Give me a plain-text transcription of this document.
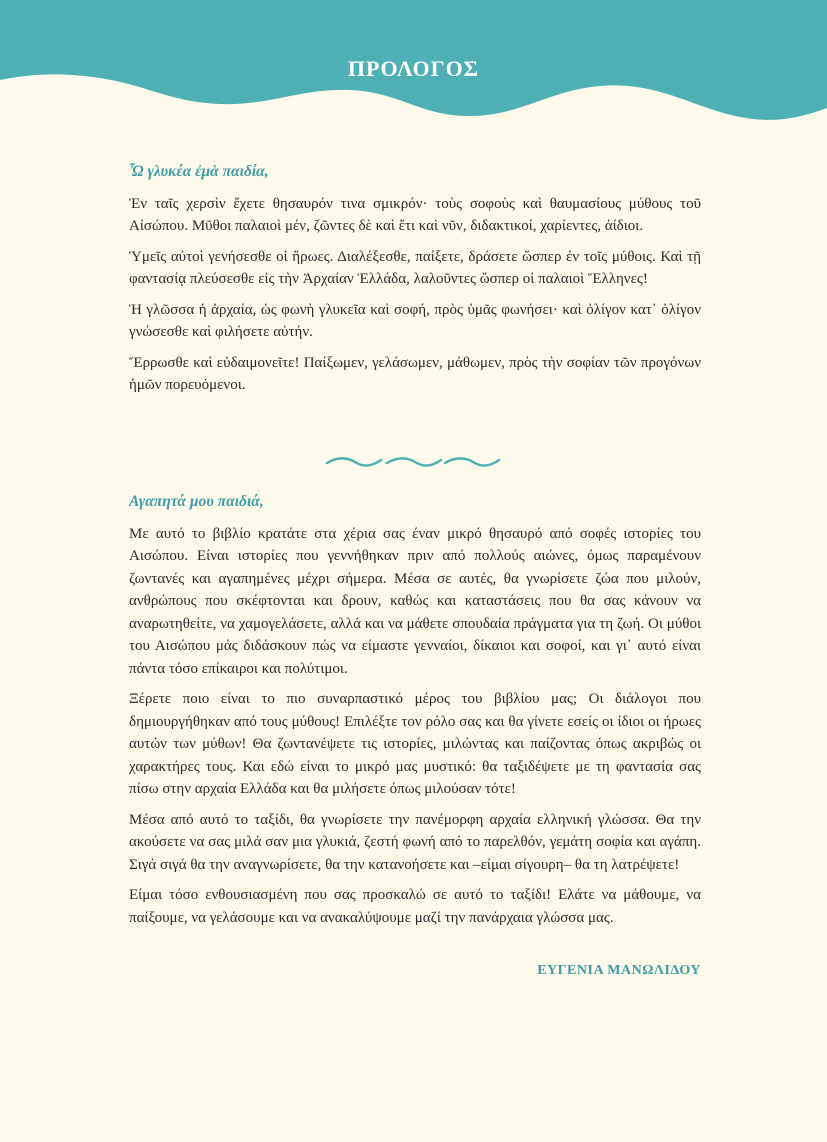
ΠΡΟΛΟΓΟΣ
Ὦ γλυκέα ἐμὰ παιδία,

Ἐν ταῖς χερσὶν ἔχετε θησαυρόν τινα σμικρόν· τοὺς σοφοὺς καὶ θαυμασίους μύθους τοῦ Αἰσώπου. Μῦθοι παλαιοὶ μέν, ζῶντες δὲ καὶ ἔτι καὶ νῦν, διδακτικοί, χαρίεντες, ἀίδιοι.

Ὑμεῖς αὐτοὶ γενήσεσθε οἱ ἥρωες. Διαλέξεσθε, παίξετε, δράσετε ὥσπερ ἐν τοῖς μύθοις. Καὶ τῇ φαντασίᾳ πλεύσεσθε εἰς τὴν Ἀρχαίαν Ἑλλάδα, λαλοῦντες ὥσπερ οἱ παλαιοὶ Ἕλληνες!

Ἡ γλῶσσα ἡ ἀρχαία, ὡς φωνὴ γλυκεῖα καὶ σοφή, πρὸς ὑμᾶς φωνήσει· καὶ ὀλίγον κατ᾽ ὀλίγον γνώσεσθε καὶ φιλήσετε αὐτήν.

Ἔρρωσθε καὶ εὐδαιμονεῖτε! Παίξωμεν, γελάσωμεν, μάθωμεν, πρὸς τὴν σοφίαν τῶν προγόνων ἡμῶν πορευόμενοι.

Αγαπητά μου παιδιά,

Με αυτό το βιβλίο κρατάτε στα χέρια σας έναν μικρό θησαυρό από σοφές ιστορίες του Αισώπου. Είναι ιστορίες που γεννήθηκαν πριν από πολλούς αιώνες, όμως παραμένουν ζωντανές και αγαπημένες μέχρι σήμερα. Μέσα σε αυτές, θα γνωρίσετε ζώα που μιλούν, ανθρώπους που σκέφτονται και δρουν, καθώς και καταστάσεις που θα σας κάνουν να αναρωτηθείτε, να χαμογελάσετε, αλλά και να μάθετε σπουδαία πράγματα για τη ζωή. Οι μύθοι του Αισώπου μάς διδάσκουν πώς να είμαστε γενναίοι, δίκαιοι και σοφοί, και γι᾽ αυτό είναι πάντα τόσο επίκαιροι και πολύτιμοι.

Ξέρετε ποιο είναι το πιο συναρπαστικό μέρος του βιβλίου μας; Οι διάλογοι που δημιουργήθηκαν από τους μύθους! Επιλέξτε τον ρόλο σας και θα γίνετε εσείς οι ίδιοι οι ήρωες αυτών των μύθων! Θα ζωντανέψετε τις ιστορίες, μιλώντας και παίζοντας όπως ακριβώς οι χαρακτήρες τους. Και εδώ είναι το μικρό μας μυστικό: θα ταξιδέψετε με τη φαντασία σας πίσω στην αρχαία Ελλάδα και θα μιλήσετε όπως μιλούσαν τότε!

Μέσα από αυτό το ταξίδι, θα γνωρίσετε την πανέμορφη αρχαία ελληνική γλώσσα. Θα την ακούσετε να σας μιλά σαν μια γλυκιά, ζεστή φωνή από το παρελθόν, γεμάτη σοφία και αγάπη. Σιγά σιγά θα την αναγνωρίσετε, θα την κατανοήσετε και –είμαι σίγουρη– θα τη λατρέψετε!

Είμαι τόσο ενθουσιασμένη που σας προσκαλώ σε αυτό το ταξίδι! Ελάτε να μάθουμε, να παίξουμε, να γελάσουμε και να ανακαλύψουμε μαζί την πανάρχαια γλώσσα μας.

ΕΥΓΕΝΙΑ ΜΑΝΩΛΙΔΟΥ
